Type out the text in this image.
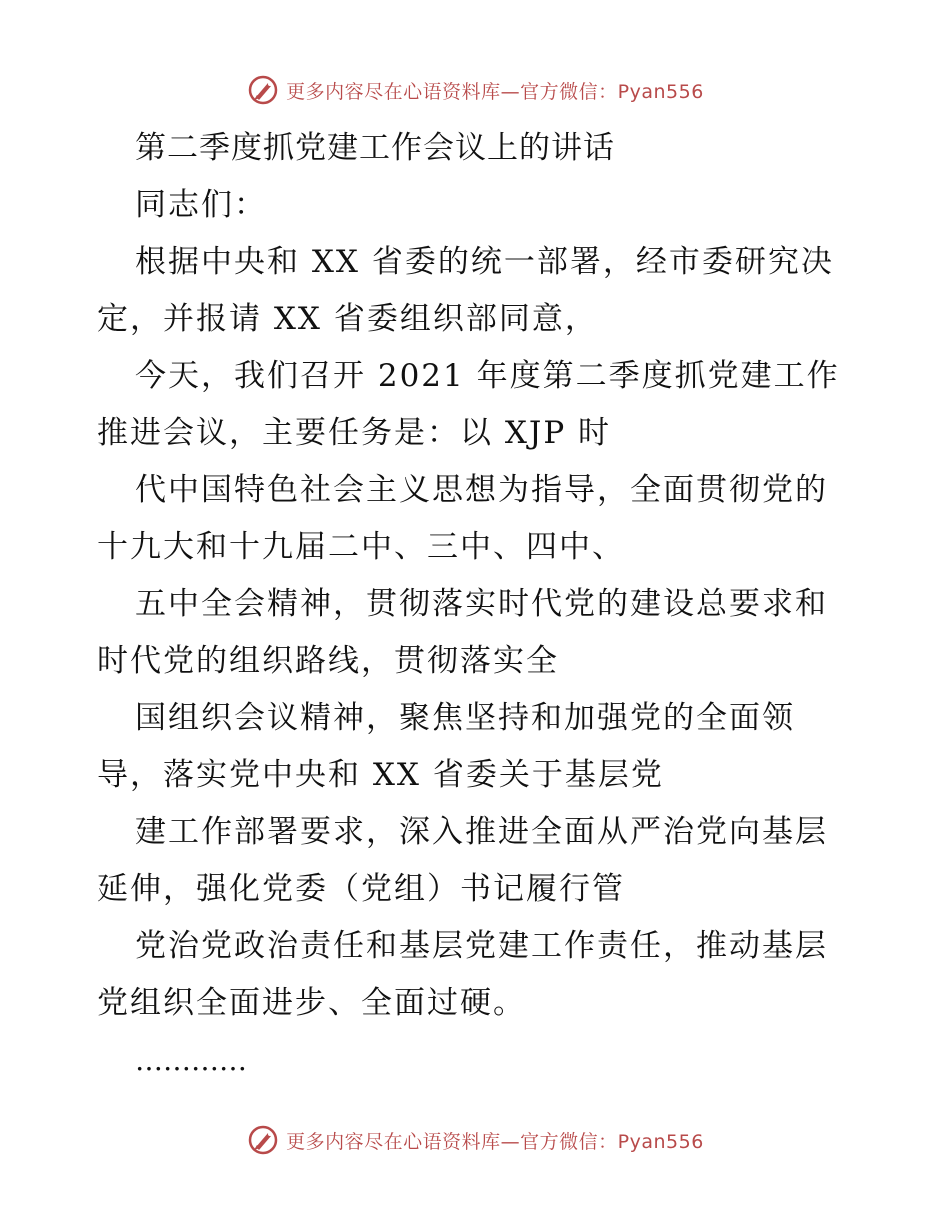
更多内容尽在心语资料库—官方微信：Pyan556
第二季度抓党建工作会议上的讲话
同志们：
根据中央和 XX 省委的统一部署，经市委研究决
定，并报请 XX 省委组织部同意，
今天，我们召开 2021 年度第二季度抓党建工作
推进会议，主要任务是：以 XJP 时
代中国特色社会主义思想为指导，全面贯彻党的
十九大和十九届二中、三中、四中、
五中全会精神，贯彻落实时代党的建设总要求和
时代党的组织路线，贯彻落实全
国组织会议精神，聚焦坚持和加强党的全面领
导，落实党中央和 XX 省委关于基层党
建工作部署要求，深入推进全面从严治党向基层
延伸，强化党委（党组）书记履行管
党治党政治责任和基层党建工作责任，推动基层
党组织全面进步、全面过硬。
…………
更多内容尽在心语资料库—官方微信：Pyan556
